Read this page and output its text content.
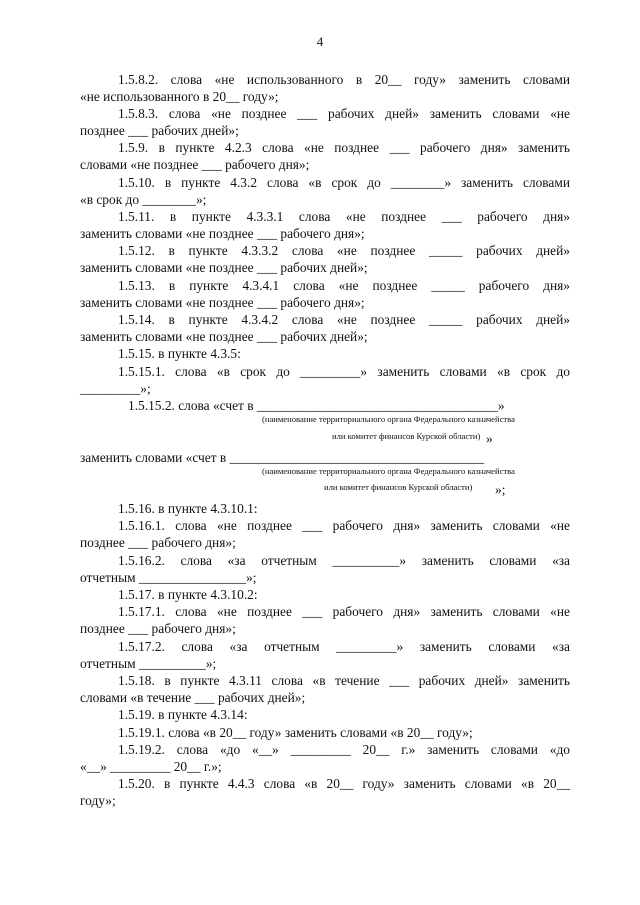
4
1.5.8.2. слова «не использованного в 20__ году» заменить словами
«не использованного в 20__ году»;
1.5.8.3. слова «не позднее ___ рабочих дней» заменить словами «не
позднее ___ рабочих дней»;
1.5.9. в пункте 4.2.3 слова «не позднее ___ рабочего дня» заменить
словами «не позднее ___ рабочего дня»;
1.5.10. в пункте 4.3.2 слова «в срок до ________» заменить словами
«в срок до ________»;
1.5.11. в пункте 4.3.3.1 слова «не позднее ___ рабочего дня»
заменить словами «не позднее ___ рабочего дня»;
1.5.12. в пункте 4.3.3.2 слова «не позднее _____ рабочих дней»
заменить словами «не позднее ___ рабочих дней»;
1.5.13. в пункте 4.3.4.1 слова «не позднее _____ рабочего дня»
заменить словами «не позднее ___ рабочего дня»;
1.5.14. в пункте 4.3.4.2 слова «не позднее _____ рабочих дней»
заменить словами «не позднее ___ рабочих дней»;
1.5.15. в пункте 4.3.5:
1.5.15.1. слова «в срок до _________» заменить словами «в срок до
_________»;
1.5.15.2. слова «счет в ____________________________________»
(наименование территориального органа Федерального казначейства
или комитет финансов Курской области) »
заменить словами «счет в ______________________________________
(наименование территориального органа Федерального казначейства
или комитет финансов Курской области) »;
1.5.16. в пункте 4.3.10.1:
1.5.16.1. слова «не позднее ___ рабочего дня» заменить словами «не
позднее ___ рабочего дня»;
1.5.16.2. слова «за отчетным __________» заменить словами «за
отчетным ________________»;
1.5.17. в пункте 4.3.10.2:
1.5.17.1. слова «не позднее ___ рабочего дня» заменить словами «не
позднее ___ рабочего дня»;
1.5.17.2. слова «за отчетным _________» заменить словами «за
отчетным __________»;
1.5.18. в пункте 4.3.11 слова «в течение ___ рабочих дней» заменить
словами «в течение ___ рабочих дней»;
1.5.19. в пункте 4.3.14:
1.5.19.1. слова «в 20__ году» заменить словами «в 20__ году»;
1.5.19.2. слова «до «__» _________ 20__ г.» заменить словами «до
«__» _________ 20__ г.»;
1.5.20. в пункте 4.4.3 слова «в 20__ году» заменить словами «в 20__
году»;
